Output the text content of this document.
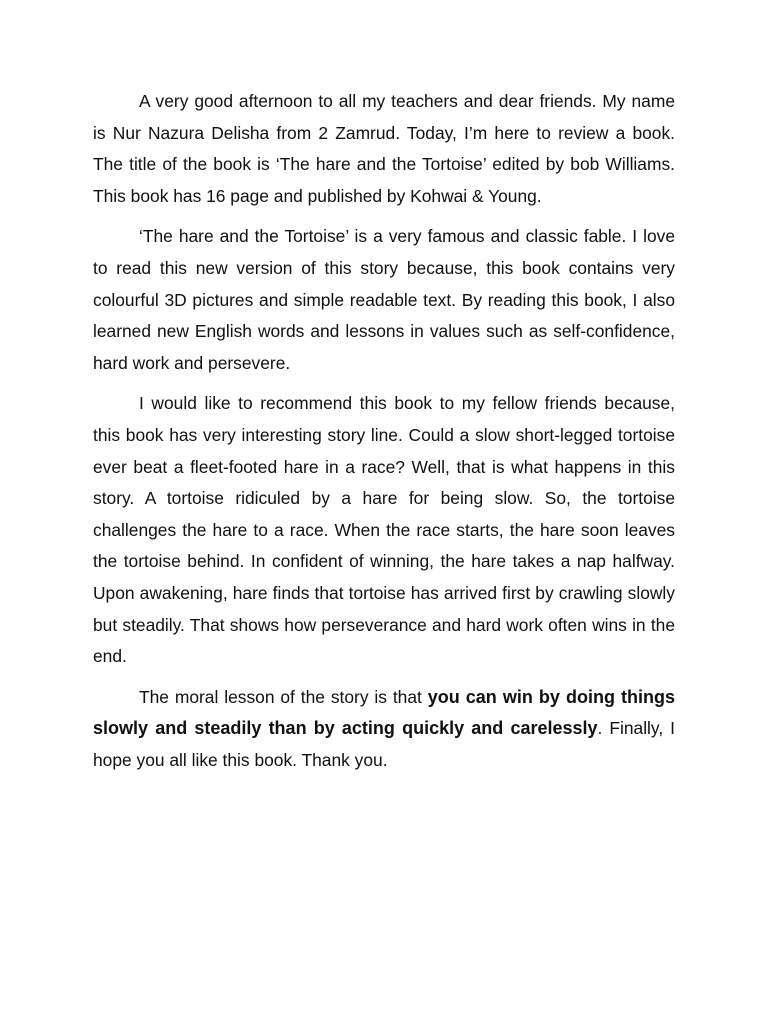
A very good afternoon to all my teachers and dear friends. My name is Nur Nazura Delisha from 2 Zamrud. Today, I’m here to review a book. The title of the book is ‘The hare and the Tortoise’ edited by bob Williams. This book has 16 page and published by Kohwai & Young.

‘The hare and the Tortoise’ is a very famous and classic fable. I love to read this new version of this story because, this book contains very colourful 3D pictures and simple readable text. By reading this book, I also learned new English words and lessons in values such as self-confidence, hard work and persevere.

I would like to recommend this book to my fellow friends because, this book has very interesting story line. Could a slow short-legged tortoise ever beat a fleet-footed hare in a race? Well, that is what happens in this story. A tortoise ridiculed by a hare for being slow. So, the tortoise challenges the hare to a race. When the race starts, the hare soon leaves the tortoise behind. In confident of winning, the hare takes a nap halfway. Upon awakening, hare finds that tortoise has arrived first by crawling slowly but steadily. That shows how perseverance and hard work often wins in the end.

The moral lesson of the story is that you can win by doing things slowly and steadily than by acting quickly and carelessly. Finally, I hope you all like this book. Thank you.
